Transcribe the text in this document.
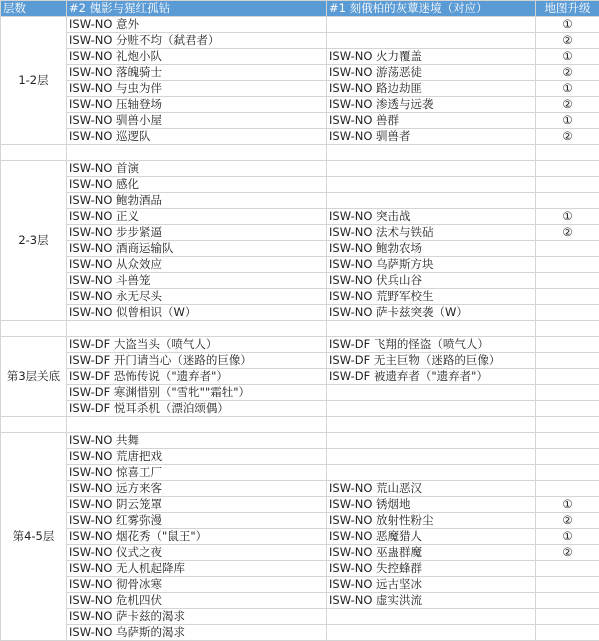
层数	#2 傀影与猩红孤钻	#1 刻俄柏的灰蕈迷境（对应）	地图升级
1-2层	ISW-NO 意外		①
	ISW-NO 分赃不均（弑君者）		②
	ISW-NO 礼炮小队	ISW-NO 火力覆盖	①
	ISW-NO 落魄骑士	ISW-NO 游荡恶徒	②
	ISW-NO 与虫为伴	ISW-NO 路边劫匪	①
	ISW-NO 压轴登场	ISW-NO 渗透与远袭	②
	ISW-NO 驯兽小屋	ISW-NO 兽群	①
	ISW-NO 巡逻队	ISW-NO 驯兽者	②

2-3层	ISW-NO 首演		
	ISW-NO 感化		
	ISW-NO 鲍勃酒品		
	ISW-NO 正义	ISW-NO 突击战	①
	ISW-NO 步步紧逼	ISW-NO 法术与铁砧	②
	ISW-NO 酒商运输队	ISW-NO 鲍勃农场	
	ISW-NO 从众效应	ISW-NO 乌萨斯方块	
	ISW-NO 斗兽笼	ISW-NO 伏兵山谷	
	ISW-NO 永无尽头	ISW-NO 荒野军校生	
	ISW-NO 似曾相识（W）	ISW-NO 萨卡兹突袭（W）	

第3层关底	ISW-DF 大盗当头（喷气人）	ISW-DF 飞翔的怪盗（喷气人）	
	ISW-DF 开门请当心（迷路的巨像）	ISW-DF 无主巨物（迷路的巨像）	
	ISW-DF 恐怖传说（"遗弃者"）	ISW-DF 被遗弃者（"遗弃者"）	
	ISW-DF 寒渊惜别（"雪牝""霜牡"）		
	ISW-DF 悦耳杀机（漂泊颂偶）		

第4-5层	ISW-NO 共舞		
	ISW-NO 荒唐把戏		
	ISW-NO 惊喜工厂		
	ISW-NO 远方来客	ISW-NO 荒山恶汉	
	ISW-NO 阴云笼罩	ISW-NO 锈烟地	①
	ISW-NO 红雾弥漫	ISW-NO 放射性粉尘	②
	ISW-NO 烟花秀（"鼠王"）	ISW-NO 恶魔猎人	①
	ISW-NO 仪式之夜	ISW-NO 巫蛊群魔	②
	ISW-NO 无人机起降库	ISW-NO 失控蜂群	
	ISW-NO 彻骨冰寒	ISW-NO 远古坚冰	
	ISW-NO 危机四伏	ISW-NO 虚实洪流	
	ISW-NO 萨卡兹的渴求		
	ISW-NO 乌萨斯的渴求		
